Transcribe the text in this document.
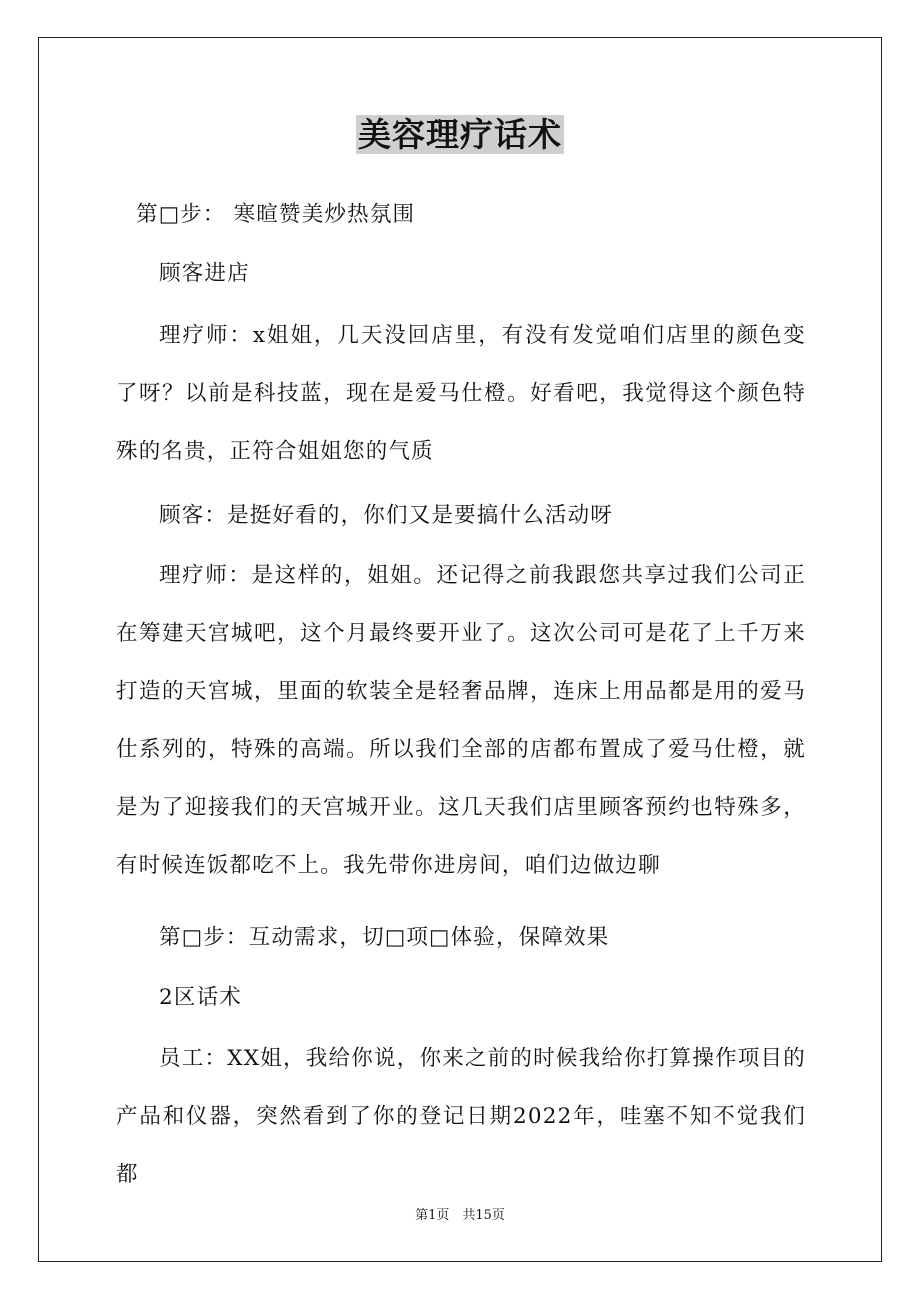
美容理疗话术

第□步： 寒暄赞美炒热氛围

顾客进店

理疗师：x姐姐，几天没回店里，有没有发觉咱们店里的颜色变了呀？以前是科技蓝，现在是爱马仕橙。好看吧，我觉得这个颜色特殊的名贵，正符合姐姐您的气质

顾客：是挺好看的，你们又是要搞什么活动呀

理疗师：是这样的，姐姐。还记得之前我跟您共享过我们公司正在筹建天宫城吧，这个月最终要开业了。这次公司可是花了上千万来打造的天宫城，里面的软装全是轻奢品牌，连床上用品都是用的爱马仕系列的，特殊的高端。所以我们全部的店都布置成了爱马仕橙，就是为了迎接我们的天宫城开业。这几天我们店里顾客预约也特殊多，有时候连饭都吃不上。我先带你进房间，咱们边做边聊

第□步：互动需求，切□项□体验，保障效果

2区话术

员工：XX姐，我给你说，你来之前的时候我给你打算操作项目的产品和仪器，突然看到了你的登记日期2022年，哇塞不知不觉我们都

第1页　共15页
